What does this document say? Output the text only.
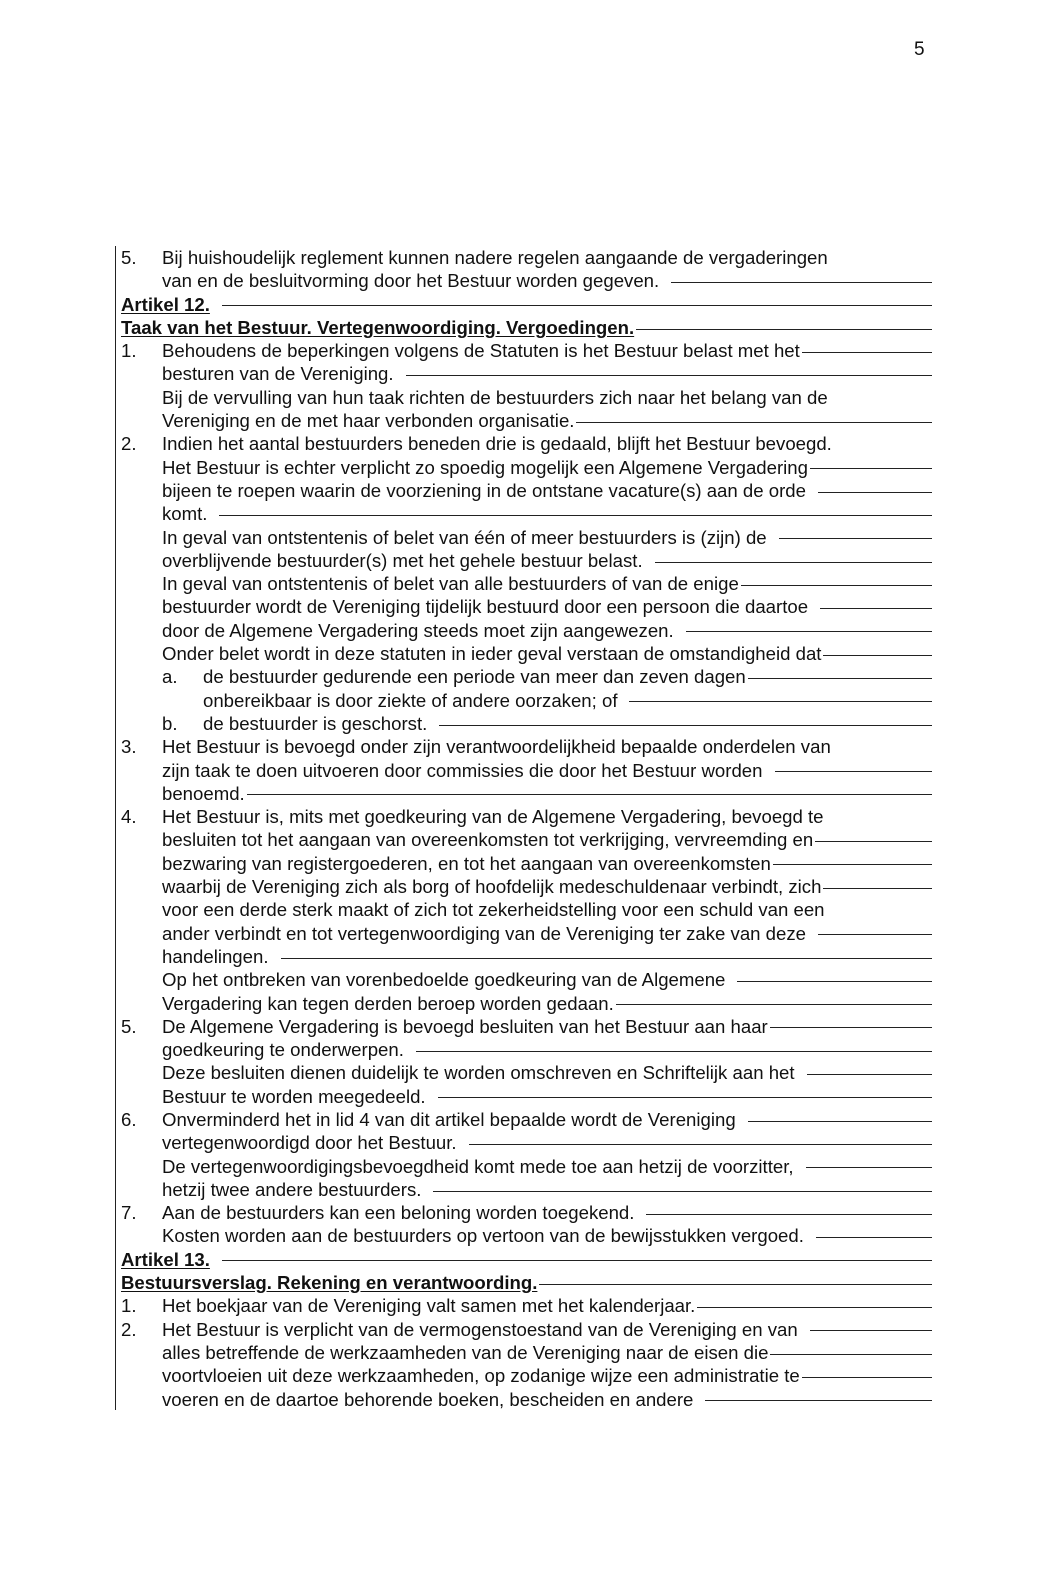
5
5. Bij huishoudelijk reglement kunnen nadere regelen aangaande de vergaderingen
van en de besluitvorming door het Bestuur worden gegeven.
Artikel 12.
Taak van het Bestuur. Vertegenwoordiging. Vergoedingen.
1. Behoudens de beperkingen volgens de Statuten is het Bestuur belast met het
besturen van de Vereniging.
Bij de vervulling van hun taak richten de bestuurders zich naar het belang van de
Vereniging en de met haar verbonden organisatie.
2. Indien het aantal bestuurders beneden drie is gedaald, blijft het Bestuur bevoegd.
Het Bestuur is echter verplicht zo spoedig mogelijk een Algemene Vergadering
bijeen te roepen waarin de voorziening in de ontstane vacature(s) aan de orde
komt.
In geval van ontstentenis of belet van één of meer bestuurders is (zijn) de
overblijvende bestuurder(s) met het gehele bestuur belast.
In geval van ontstentenis of belet van alle bestuurders of van de enige
bestuurder wordt de Vereniging tijdelijk bestuurd door een persoon die daartoe
door de Algemene Vergadering steeds moet zijn aangewezen.
Onder belet wordt in deze statuten in ieder geval verstaan de omstandigheid dat
a. de bestuurder gedurende een periode van meer dan zeven dagen
onbereikbaar is door ziekte of andere oorzaken; of
b. de bestuurder is geschorst.
3. Het Bestuur is bevoegd onder zijn verantwoordelijkheid bepaalde onderdelen van
zijn taak te doen uitvoeren door commissies die door het Bestuur worden
benoemd.
4. Het Bestuur is, mits met goedkeuring van de Algemene Vergadering, bevoegd te
besluiten tot het aangaan van overeenkomsten tot verkrijging, vervreemding en
bezwaring van registergoederen, en tot het aangaan van overeenkomsten
waarbij de Vereniging zich als borg of hoofdelijk medeschuldenaar verbindt, zich
voor een derde sterk maakt of zich tot zekerheidstelling voor een schuld van een
ander verbindt en tot vertegenwoordiging van de Vereniging ter zake van deze
handelingen.
Op het ontbreken van vorenbedoelde goedkeuring van de Algemene
Vergadering kan tegen derden beroep worden gedaan.
5. De Algemene Vergadering is bevoegd besluiten van het Bestuur aan haar
goedkeuring te onderwerpen.
Deze besluiten dienen duidelijk te worden omschreven en Schriftelijk aan het
Bestuur te worden meegedeeld.
6. Onverminderd het in lid 4 van dit artikel bepaalde wordt de Vereniging
vertegenwoordigd door het Bestuur.
De vertegenwoordigingsbevoegdheid komt mede toe aan hetzij de voorzitter,
hetzij twee andere bestuurders.
7. Aan de bestuurders kan een beloning worden toegekend.
Kosten worden aan de bestuurders op vertoon van de bewijsstukken vergoed.
Artikel 13.
Bestuursverslag. Rekening en verantwoording.
1. Het boekjaar van de Vereniging valt samen met het kalenderjaar.
2. Het Bestuur is verplicht van de vermogenstoestand van de Vereniging en van
alles betreffende de werkzaamheden van de Vereniging naar de eisen die
voortvloeien uit deze werkzaamheden, op zodanige wijze een administratie te
voeren en de daartoe behorende boeken, bescheiden en andere
